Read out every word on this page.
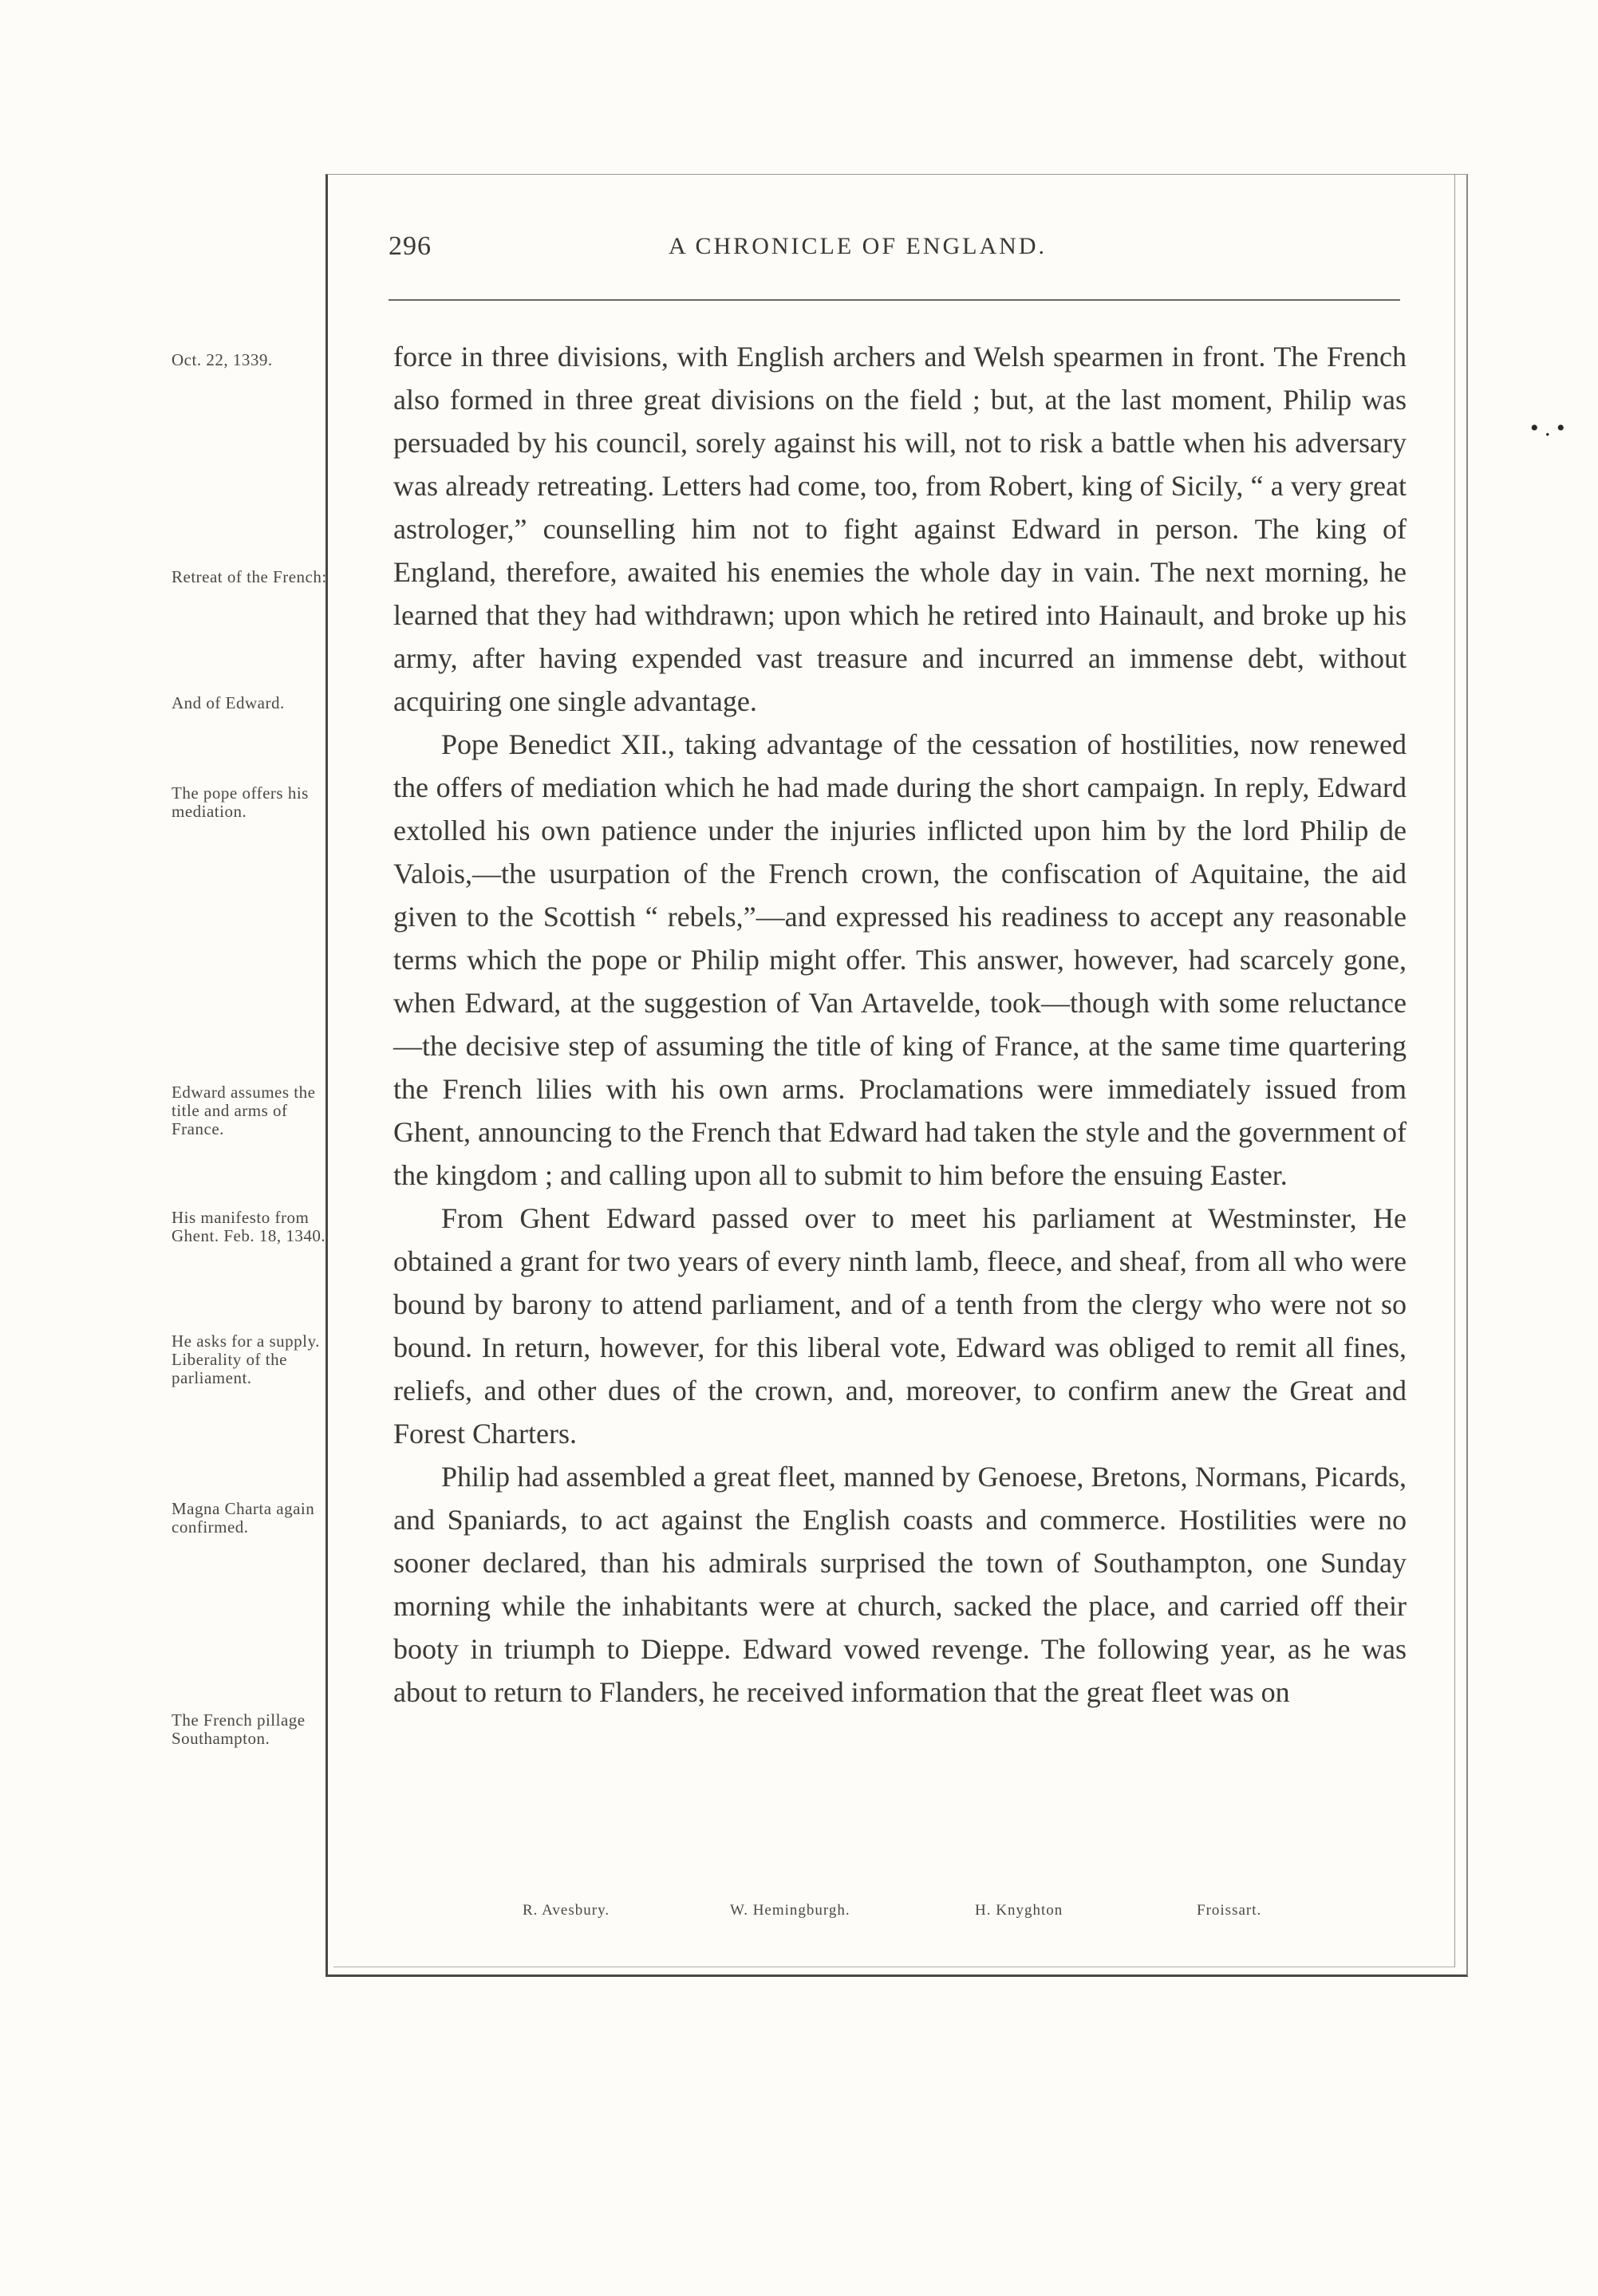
296	A CHRONICLE OF ENGLAND.
Oct. 22, 1339.
Retreat of the French:
And of Edward.
The pope offers his mediation.
Edward assumes the title and arms of France.
His manifesto from Ghent. Feb. 18, 1340.
He asks for a supply. Liberality of the parliament.
Magna Charta again confirmed.
The French pillage Southampton.

force in three divisions, with English archers and Welsh spearmen in front. The French also formed in three great divisions on the field ; but, at the last moment, Philip was persuaded by his council, sorely against his will, not to risk a battle when his adversary was already retreating. Letters had come, too, from Robert, king of Sicily, “ a very great astrologer,” counselling him not to fight against Edward in person. The king of England, therefore, awaited his enemies the whole day in vain. The next morning, he learned that they had withdrawn; upon which he retired into Hainault, and broke up his army, after having expended vast treasure and incurred an immense debt, without acquiring one single advantage.

Pope Benedict XII., taking advantage of the cessation of hostilities, now renewed the offers of mediation which he had made during the short campaign. In reply, Edward extolled his own patience under the injuries inflicted upon him by the lord Philip de Valois,—the usurpation of the French crown, the confiscation of Aquitaine, the aid given to the Scottish “ rebels,”—and expressed his readiness to accept any reasonable terms which the pope or Philip might offer. This answer, however, had scarcely gone, when Edward, at the suggestion of Van Artavelde, took—though with some reluctance—the decisive step of assuming the title of king of France, at the same time quartering the French lilies with his own arms. Proclamations were immediately issued from Ghent, announcing to the French that Edward had taken the style and the government of the kingdom ; and calling upon all to submit to him before the ensuing Easter.

From Ghent Edward passed over to meet his parliament at Westminster, He obtained a grant for two years of every ninth lamb, fleece, and sheaf, from all who were bound by barony to attend parliament, and of a tenth from the clergy who were not so bound. In return, however, for this liberal vote, Edward was obliged to remit all fines, reliefs, and other dues of the crown, and, moreover, to confirm anew the Great and Forest Charters.

Philip had assembled a great fleet, manned by Genoese, Bretons, Normans, Picards, and Spaniards, to act against the English coasts and commerce. Hostilities were no sooner declared, than his admirals surprised the town of Southampton, one Sunday morning while the inhabitants were at church, sacked the place, and carried off their booty in triumph to Dieppe. Edward vowed revenge. The following year, as he was about to return to Flanders, he received information that the great fleet was on

R. Avesbury.	W. Hemingburgh.	H. Knyghton	Froissart.
• . •
